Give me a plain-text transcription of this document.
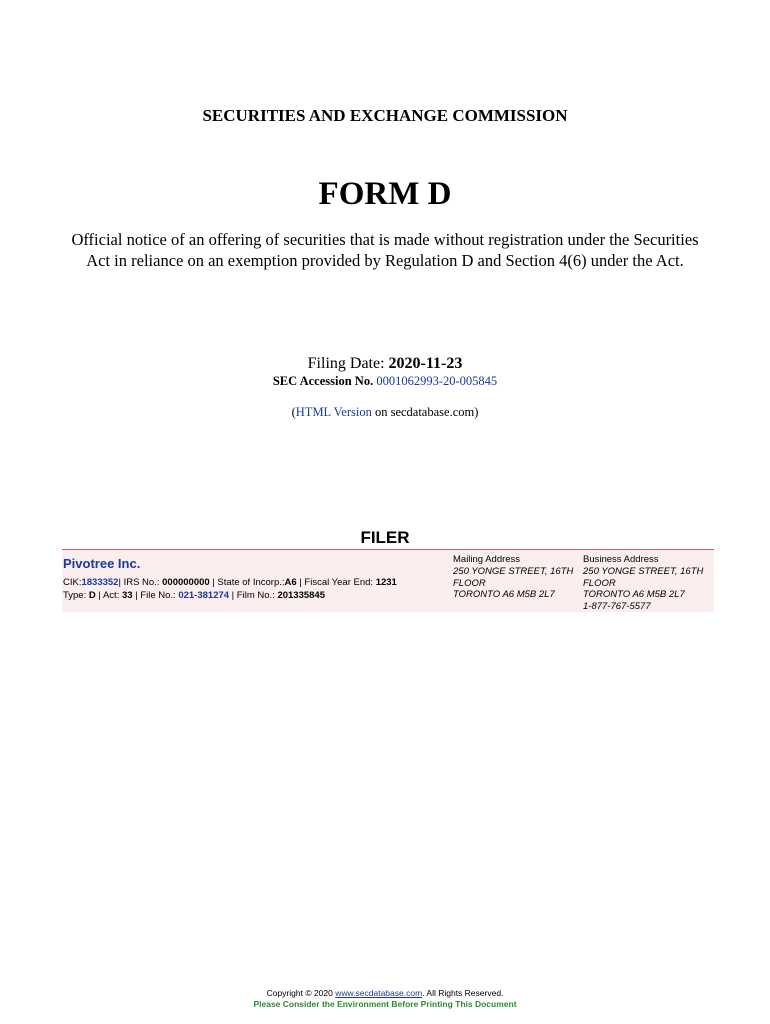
SECURITIES AND EXCHANGE COMMISSION
FORM D
Official notice of an offering of securities that is made without registration under the Securities
Act in reliance on an exemption provided by Regulation D and Section 4(6) under the Act.
Filing Date: 2020-11-23
SEC Accession No. 0001062993-20-005845
(HTML Version on secdatabase.com)
FILER
Pivotree Inc.
CIK:1833352| IRS No.: 000000000 | State of Incorp.:A6 | Fiscal Year End: 1231
Type: D | Act: 33 | File No.: 021-381274 | Film No.: 201335845
Mailing Address
250 YONGE STREET, 16TH
FLOOR
TORONTO A6 M5B 2L7
Business Address
250 YONGE STREET, 16TH
FLOOR
TORONTO A6 M5B 2L7
1-877-767-5577
Copyright © 2020 www.secdatabase.com. All Rights Reserved.
Please Consider the Environment Before Printing This Document
